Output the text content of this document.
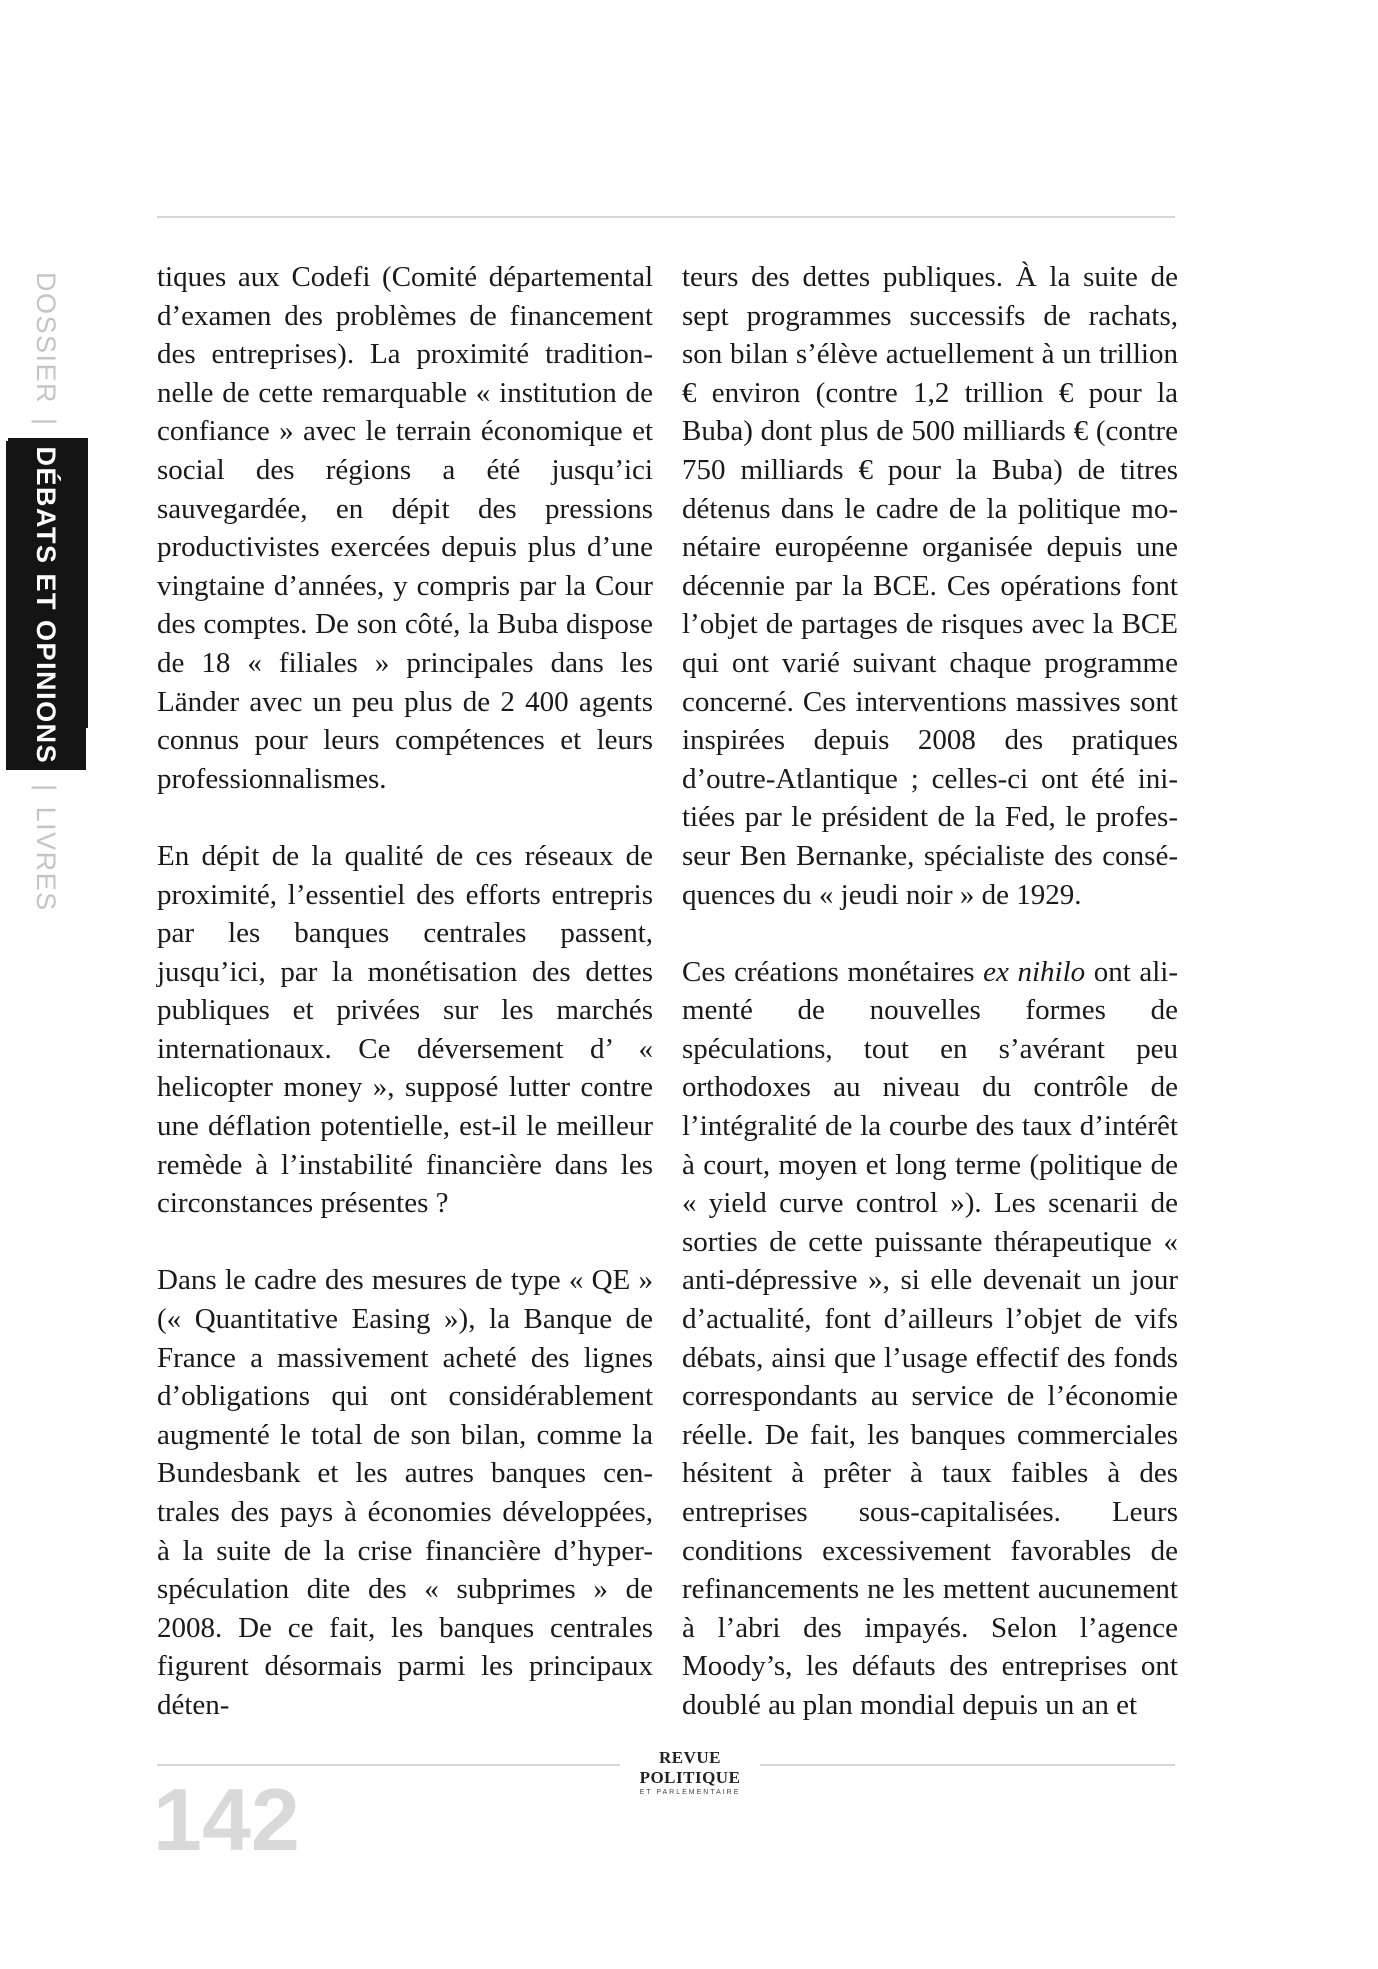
DOSSIER|DÉBATS ET OPINIONS|LIVRES

tiques aux Codefi (Comité départemental d’examen des problèmes de financement des entreprises). La proximité traditionnelle de cette remarquable « institution de confiance » avec le terrain économique et social des régions a été jusqu’ici sauvegardée, en dépit des pressions productivistes exercées depuis plus d’une vingtaine d’années, y compris par la Cour des comptes. De son côté, la Buba dispose de 18 « filiales » principales dans les Länder avec un peu plus de 2 400 agents connus pour leurs compétences et leurs professionnalismes.

En dépit de la qualité de ces réseaux de proximité, l’essentiel des efforts entrepris par les banques centrales passent, jusqu’ici, par la monétisation des dettes publiques et privées sur les marchés internationaux. Ce déversement d’ « helicopter money », supposé lutter contre une déflation potentielle, est-il le meilleur remède à l’instabilité financière dans les circonstances présentes ?

Dans le cadre des mesures de type « QE » (« Quantitative Easing »), la Banque de France a massivement acheté des lignes d’obligations qui ont considérablement augmenté le total de son bilan, comme la Bundesbank et les autres banques centrales des pays à économies développées, à la suite de la crise financière d’hyper-spéculation dite des « subprimes » de 2008. De ce fait, les banques centrales figurent désormais parmi les principaux déten-

teurs des dettes publiques. À la suite de sept programmes successifs de rachats, son bilan s’élève actuellement à un trillion € environ (contre 1,2 trillion € pour la Buba) dont plus de 500 milliards € (contre 750 milliards € pour la Buba) de titres détenus dans le cadre de la politique monétaire européenne organisée depuis une décennie par la BCE. Ces opérations font l’objet de partages de risques avec la BCE qui ont varié suivant chaque programme concerné. Ces interventions massives sont inspirées depuis 2008 des pratiques d’outre-Atlantique ; celles-ci ont été initiées par le président de la Fed, le professeur Ben Bernanke, spécialiste des conséquences du « jeudi noir » de 1929.

Ces créations monétaires ex nihilo ont alimenté de nouvelles formes de spéculations, tout en s’avérant peu orthodoxes au niveau du contrôle de l’intégralité de la courbe des taux d’intérêt à court, moyen et long terme (politique de « yield curve control »). Les scenarii de sorties de cette puissante thérapeutique « anti-dépressive », si elle devenait un jour d’actualité, font d’ailleurs l’objet de vifs débats, ainsi que l’usage effectif des fonds correspondants au service de l’économie réelle. De fait, les banques commerciales hésitent à prêter à taux faibles à des entreprises sous-capitalisées. Leurs conditions excessivement favorables de refinancements ne les mettent aucunement à l’abri des impayés. Selon l’agence Moody’s, les défauts des entreprises ont doublé au plan mondial depuis un an et

REVUE POLITIQUE
ET PARLEMENTAIRE
142
